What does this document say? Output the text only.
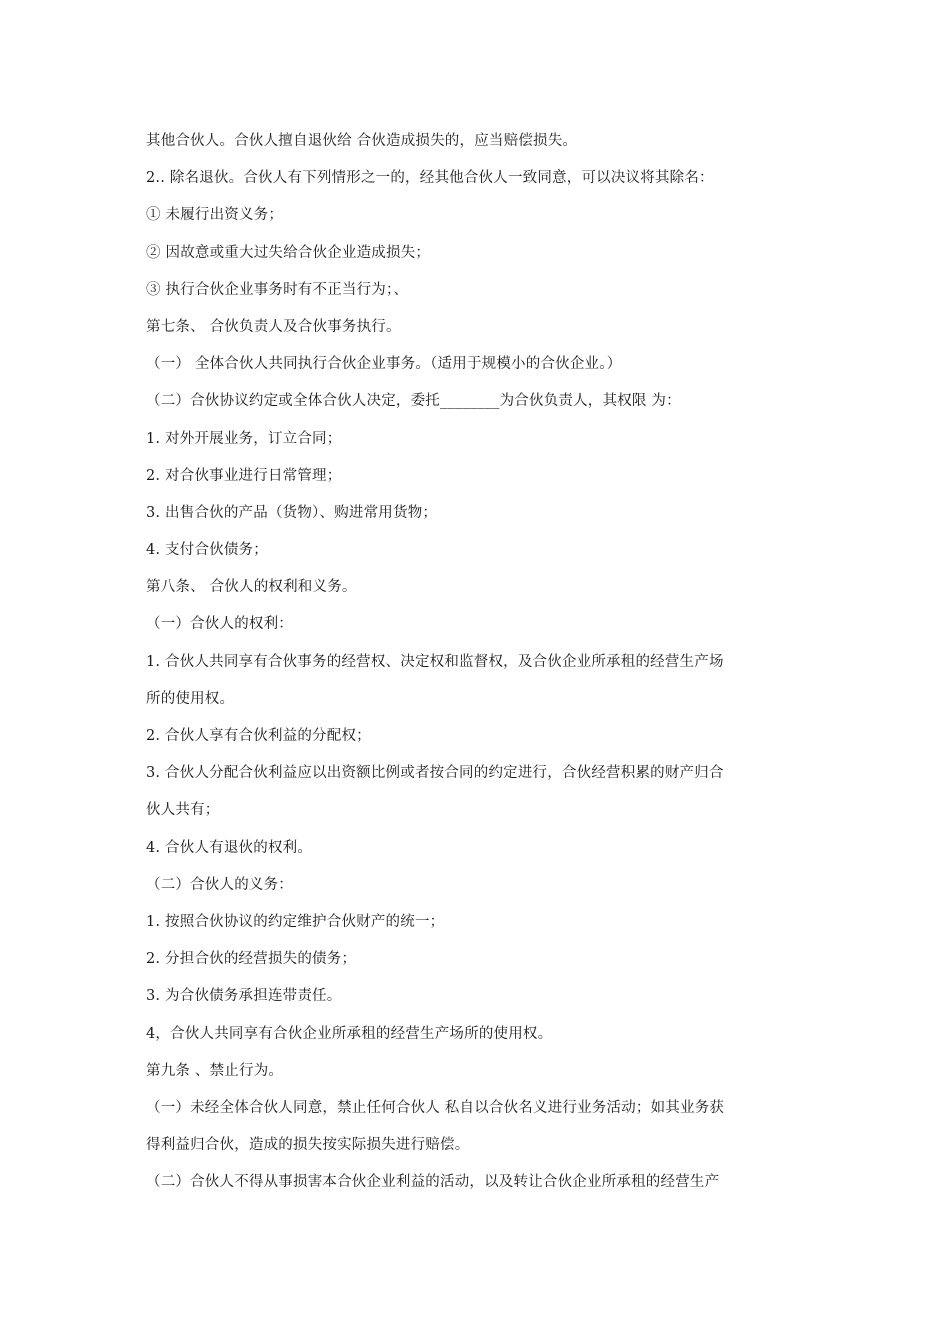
其他合伙人。合伙人擅自退伙给 合伙造成损失的，应当赔偿损失。
2.. 除名退伙。合伙人有下列情形之一的，经其他合伙人一致同意，可以决议将其除名：
① 未履行出资义务；
② 因故意或重大过失给合伙企业造成损失；
③ 执行合伙企业事务时有不正当行为；、
第七条、 合伙负责人及合伙事务执行。
（一） 全体合伙人共同执行合伙企业事务。（适用于规模小的合伙企业。）
（二）合伙协议约定或全体合伙人决定，委托________为合伙负责人，其权限 为：
1. 对外开展业务，订立合同；
2. 对合伙事业进行日常管理；
3. 出售合伙的产品（货物）、购进常用货物；
4. 支付合伙债务；
第八条、 合伙人的权利和义务。
（一）合伙人的权利：
1. 合伙人共同享有合伙事务的经营权、决定权和监督权，及合伙企业所承租的经营生产场
所的使用权。
2. 合伙人享有合伙利益的分配权；
3. 合伙人分配合伙利益应以出资额比例或者按合同的约定进行，合伙经营积累的财产归合
伙人共有；
4. 合伙人有退伙的权利。
（二）合伙人的义务：
1. 按照合伙协议的约定维护合伙财产的统一；
2. 分担合伙的经营损失的债务；
3. 为合伙债务承担连带责任。
4，合伙人共同享有合伙企业所承租的经营生产场所的使用权。
第九条 、禁止行为。
（一）未经全体合伙人同意，禁止任何合伙人 私自以合伙名义进行业务活动；如其业务获
得利益归合伙，造成的损失按实际损失进行赔偿。
（二）合伙人不得从事损害本合伙企业利益的活动，以及转让合伙企业所承租的经营生产
